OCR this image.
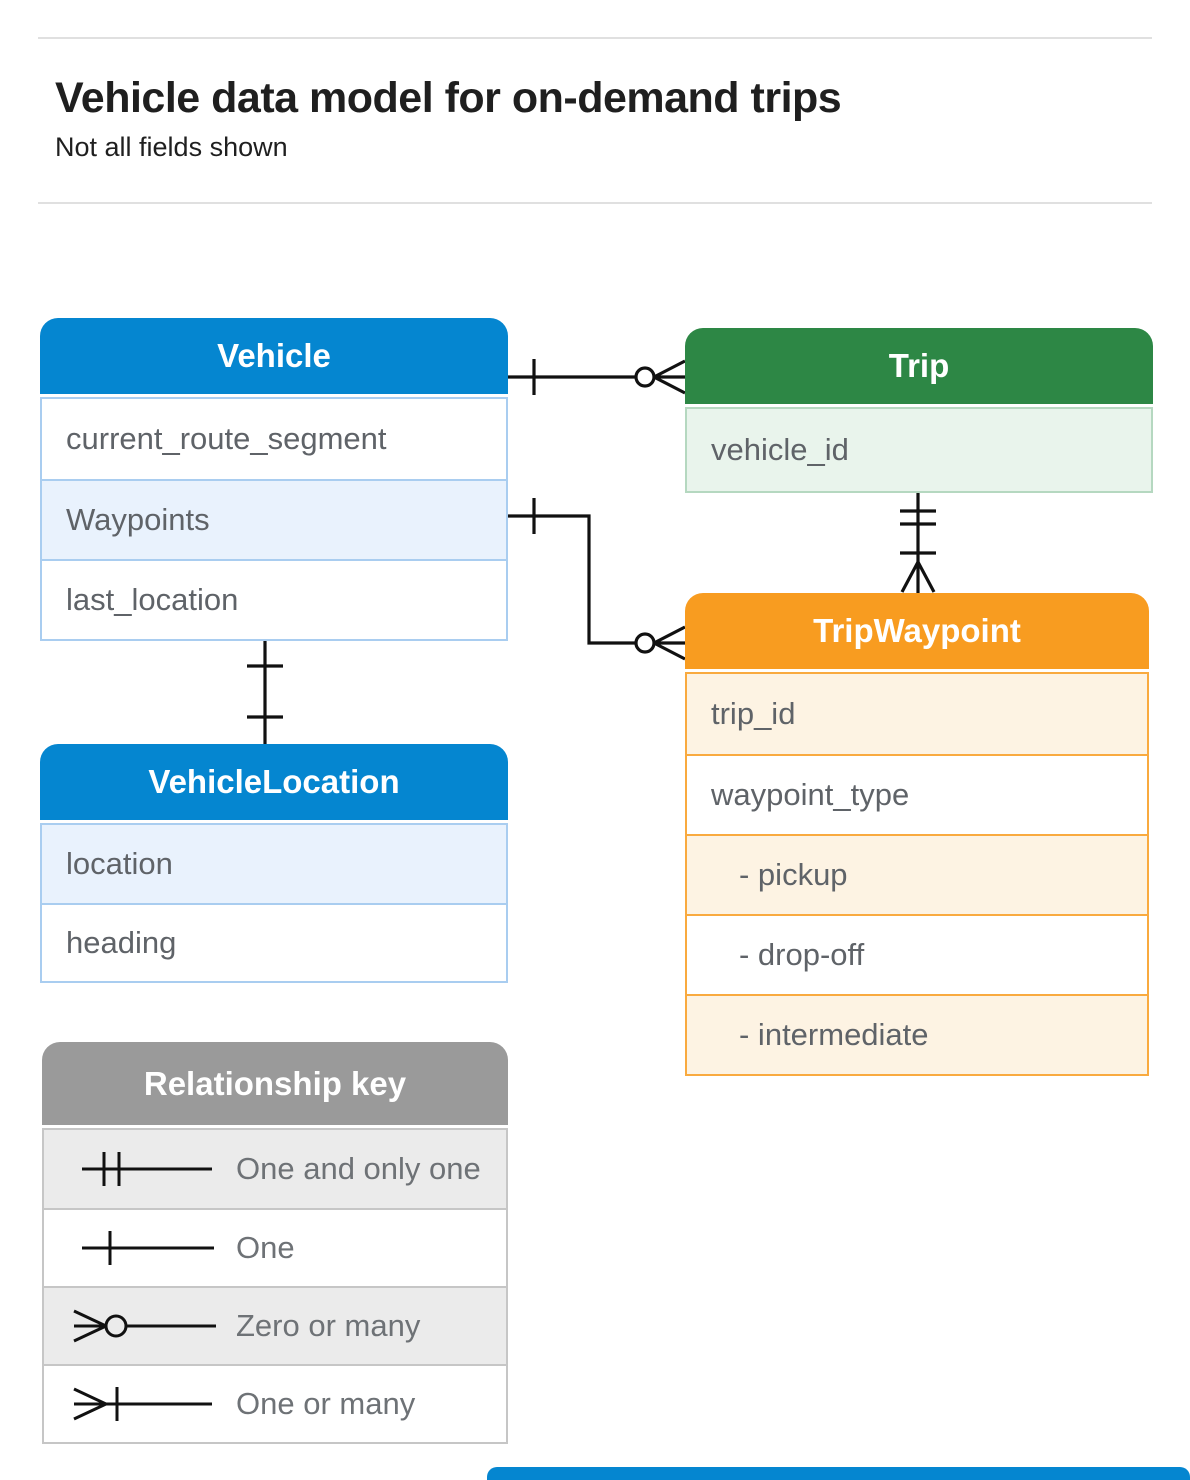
Vehicle data model for on-demand trips

Not all fields shown

Vehicle
current_route_segment
Waypoints
last_location
Trip
vehicle_id
TripWaypoint
trip_id
waypoint_type
- pickup
- drop-off
- intermediate
VehicleLocation
location
heading
Relationship key
One and only one
One
Zero or many
One or many
